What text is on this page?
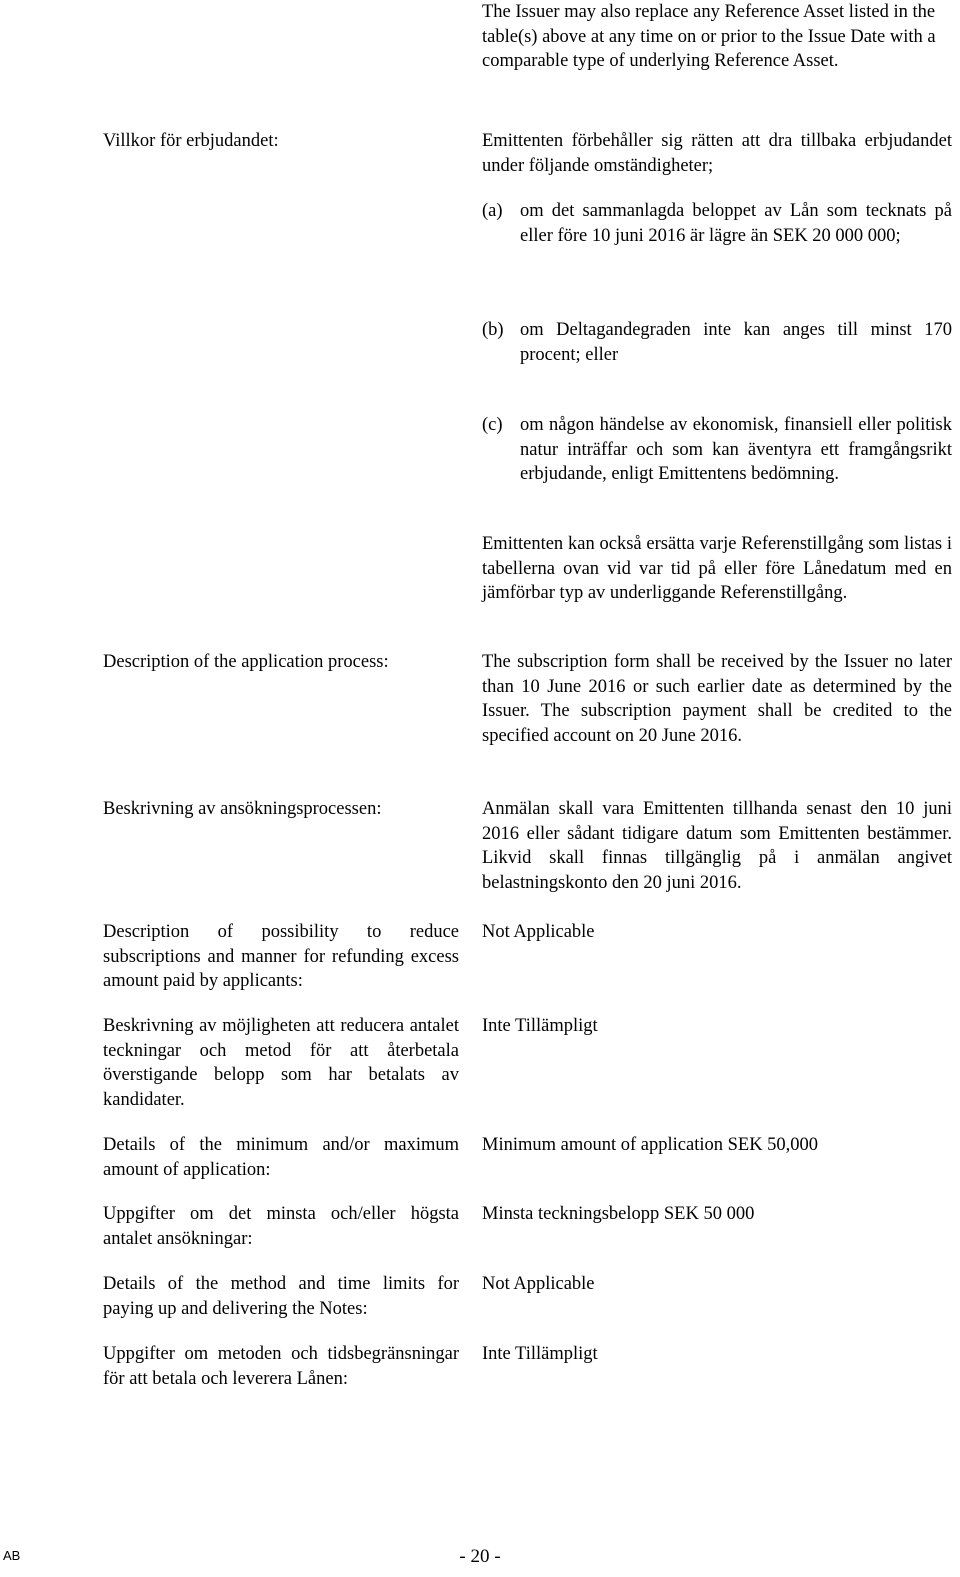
The Issuer may also replace any Reference Asset listed in the table(s) above at any time on or prior to the Issue Date with a comparable type of underlying Reference Asset.

Villkor för erbjudandet:	Emittenten förbehåller sig rätten att dra tillbaka erbjudandet under följande omständigheter;

(a) om det sammanlagda beloppet av Lån som tecknats på eller före 10 juni 2016 är lägre än SEK 20 000 000;
(b) om Deltagandegraden inte kan anges till minst 170 procent; eller
(c) om någon händelse av ekonomisk, finansiell eller politisk natur inträffar och som kan äventyra ett framgångsrikt erbjudande, enligt Emittentens bedömning.

Emittenten kan också ersätta varje Referenstillgång som listas i tabellerna ovan vid var tid på eller före Lånedatum med en jämförbar typ av underliggande Referenstillgång.

Description of the application process:	The subscription form shall be received by the Issuer no later than 10 June 2016 or such earlier date as determined by the Issuer. The subscription payment shall be credited to the specified account on 20 June 2016.

Beskrivning av ansökningsprocessen:	Anmälan skall vara Emittenten tillhanda senast den 10 juni 2016 eller sådant tidigare datum som Emittenten bestämmer. Likvid skall finnas tillgänglig på i anmälan angivet belastningskonto den 20 juni 2016.

Description of possibility to reduce subscriptions and manner for refunding excess amount paid by applicants:

Not Applicable

Beskrivning av möjligheten att reducera antalet teckningar och metod för att återbetala överstigande belopp som har betalats av kandidater.

Inte Tillämpligt

Details of the minimum and/or maximum amount of application:

Minimum amount of application SEK 50,000

Uppgifter om det minsta och/eller högsta antalet ansökningar:

Minsta teckningsbelopp SEK 50 000

Details of the method and time limits for paying up and delivering the Notes:

Not Applicable

Uppgifter om metoden och tidsbegränsningar för att betala och leverera Lånen:

Inte Tillämpligt

AB	- 20 -
